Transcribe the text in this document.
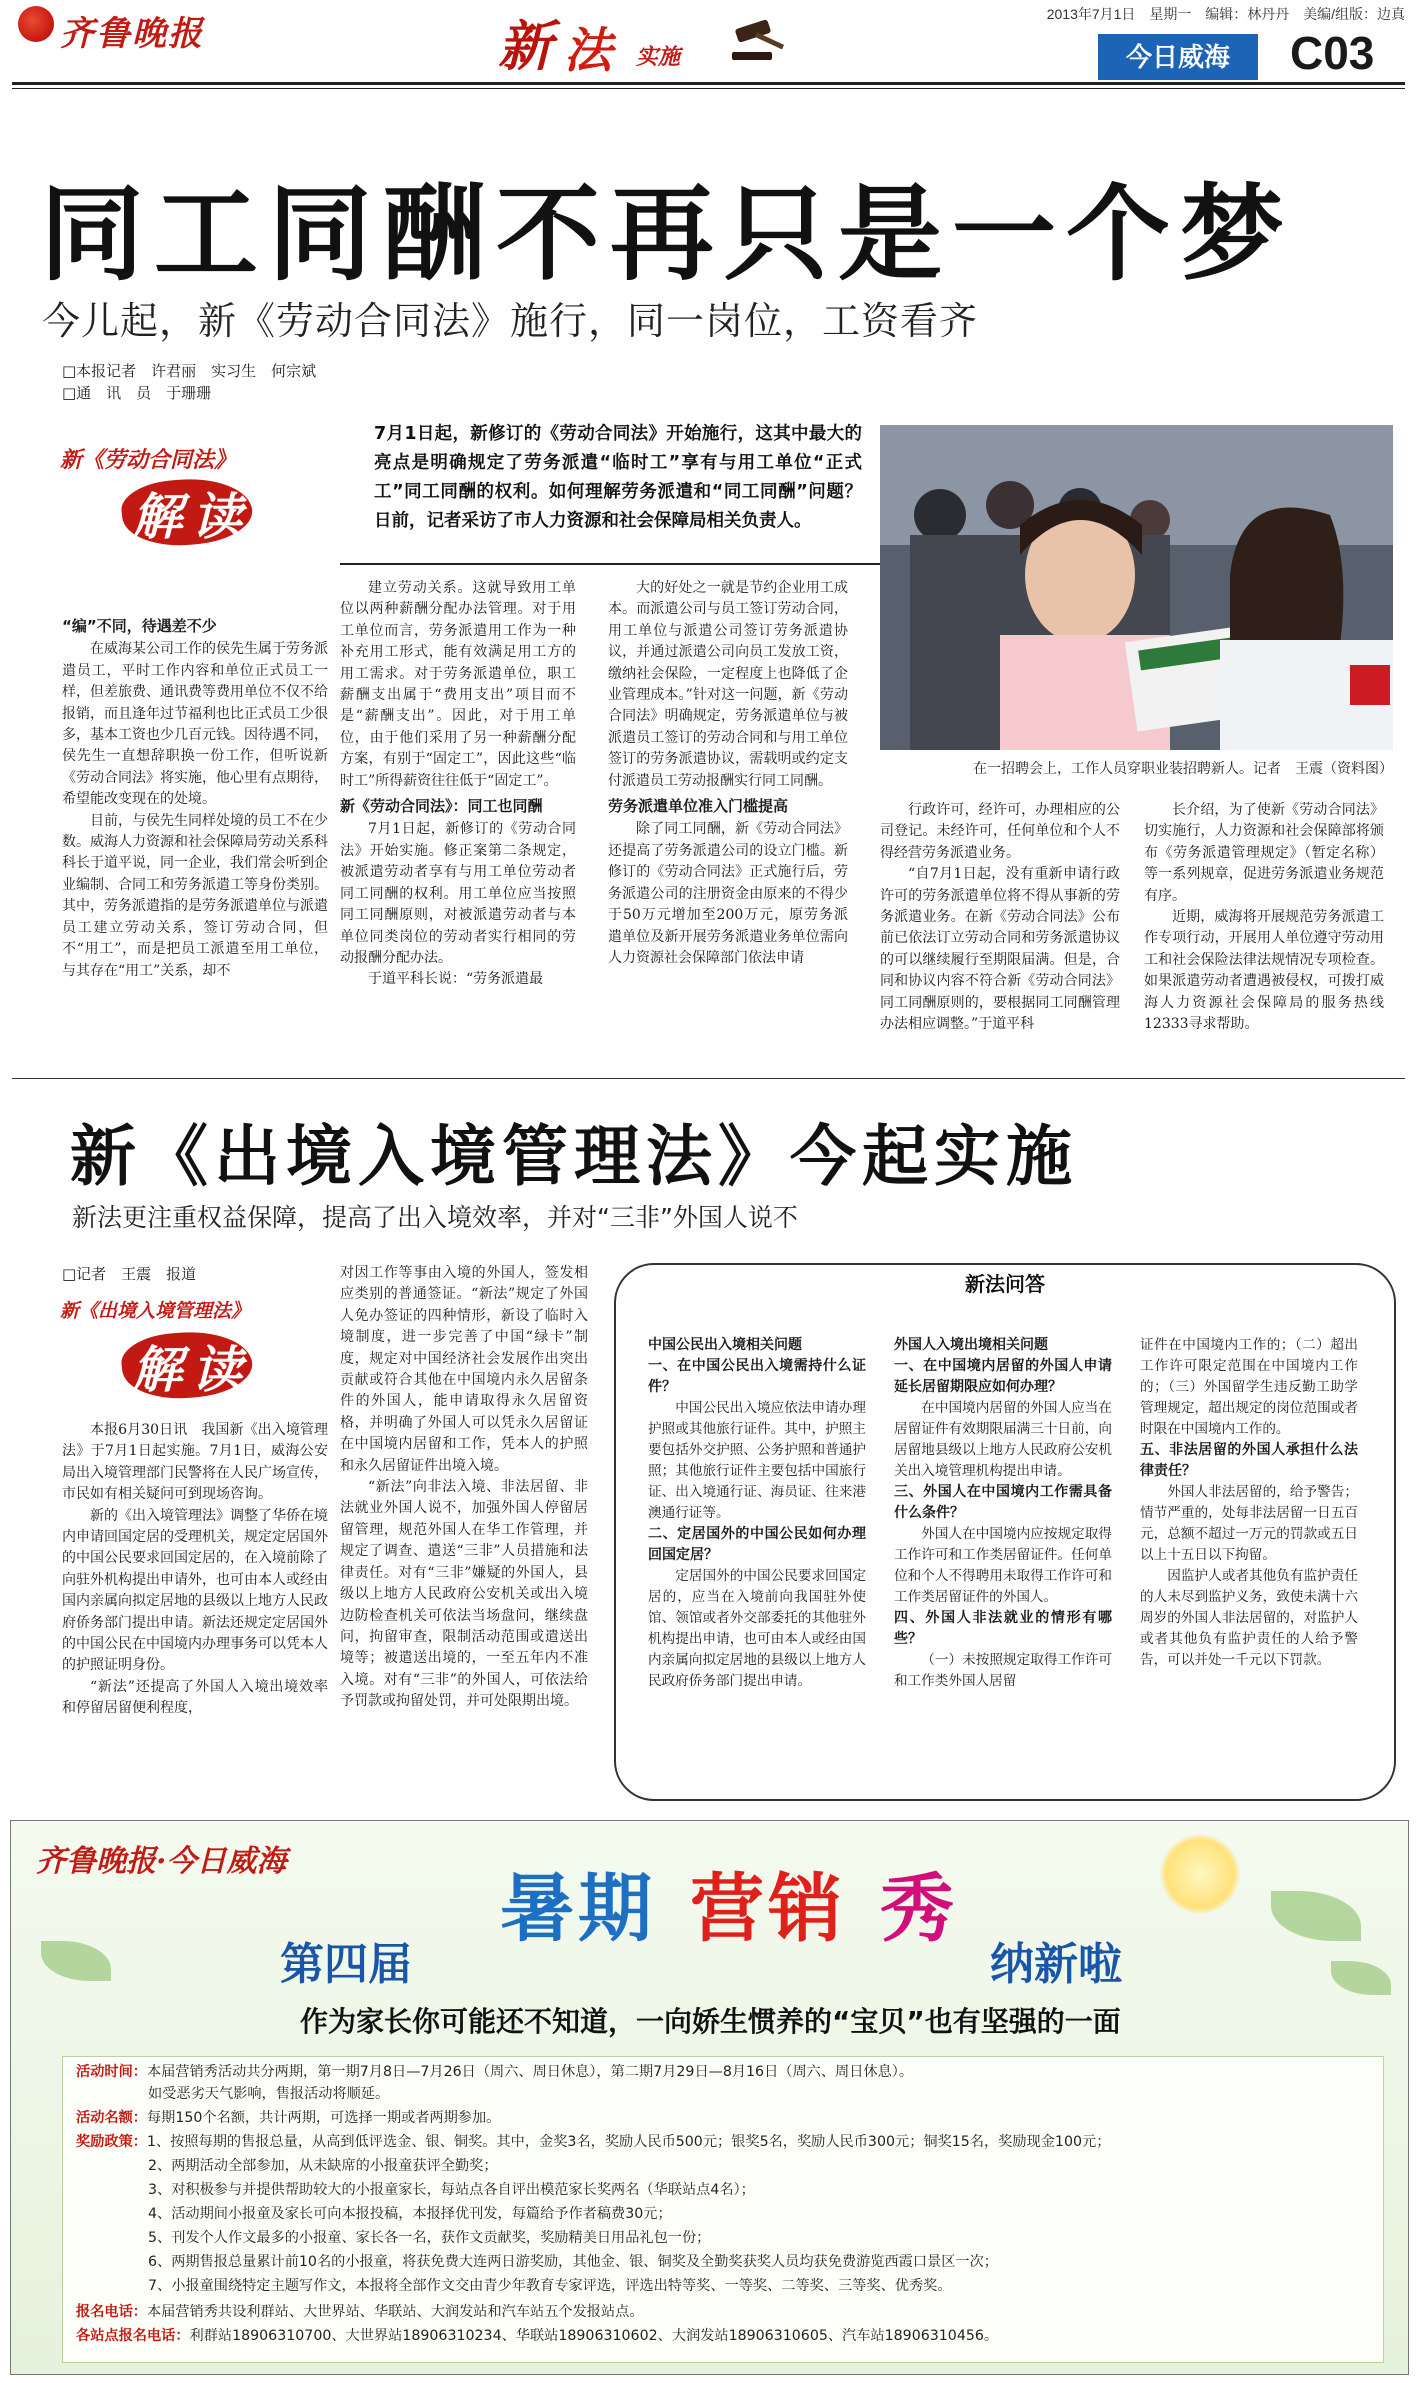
齐鲁晚报	新 法 实施
2013年7月1日 星期一 编辑：林丹丹 美编/组版：边真
今日威海	C03
同工同酬不再只是一个梦
今儿起，新《劳动合同法》施行，同一岗位，工资看齐
□本报记者　许君丽　实习生　何宗斌
□通　讯　员　于珊珊
新《劳动合同法》
解读
7月1日起，新修订的《劳动合同法》开始施行，这其中最大的亮点是明确规定了劳务派遣“临时工”享有与用工单位“正式工”同工同酬的权利。如何理解劳务派遣和“同工同酬”问题？日前，记者采访了市人力资源和社会保障局相关负责人。
在一招聘会上，工作人员穿职业装招聘新人。记者　王震（资料图）
“编”不同，待遇差不少

在威海某公司工作的侯先生属于劳务派遣员工，平时工作内容和单位正式员工一样，但差旅费、通讯费等费用单位不仅不给报销，而且逢年过节福利也比正式员工少很多，基本工资也少几百元钱。因待遇不同，侯先生一直想辞职换一份工作，但听说新《劳动合同法》将实施，他心里有点期待，希望能改变现在的处境。

目前，与侯先生同样处境的员工不在少数。威海人力资源和社会保障局劳动关系科科长于道平说，同一企业，我们常会听到企业编制、合同工和劳务派遣工等身份类别。其中，劳务派遣指的是劳务派遣单位与派遣员工建立劳动关系，签订劳动合同，但不“用工”，而是把员工派遣至用工单位，与其存在“用工”关系，却不

建立劳动关系。这就导致用工单位以两种薪酬分配办法管理。对于用工单位而言，劳务派遣用工作为一种补充用工形式，能有效满足用工方的用工需求。对于劳务派遣单位，职工薪酬支出属于“费用支出”项目而不是“薪酬支出”。因此，对于用工单位，由于他们采用了另一种薪酬分配方案，有别于“固定工”，因此这些“临时工”所得薪资往往低于“固定工”。

新《劳动合同法》：同工也同酬

7月1日起，新修订的《劳动合同法》开始实施。修正案第二条规定，被派遣劳动者享有与用工单位劳动者同工同酬的权利。用工单位应当按照同工同酬原则，对被派遣劳动者与本单位同类岗位的劳动者实行相同的劳动报酬分配办法。

于道平科长说：“劳务派遣最

大的好处之一就是节约企业用工成本。而派遣公司与员工签订劳动合同，用工单位与派遣公司签订劳务派遣协议，并通过派遣公司向员工发放工资，缴纳社会保险，一定程度上也降低了企业管理成本。”针对这一问题，新《劳动合同法》明确规定，劳务派遣单位与被派遣员工签订的劳动合同和与用工单位签订的劳务派遣协议，需载明或约定支付派遣员工劳动报酬实行同工同酬。

劳务派遣单位准入门槛提高

除了同工同酬，新《劳动合同法》还提高了劳务派遣公司的设立门槛。新修订的《劳动合同法》正式施行后，劳务派遣公司的注册资金由原来的不得少于50万元增加至200万元，原劳务派遣单位及新开展劳务派遣业务单位需向人力资源社会保障部门依法申请

行政许可，经许可，办理相应的公司登记。未经许可，任何单位和个人不得经营劳务派遣业务。

“自7月1日起，没有重新申请行政许可的劳务派遣单位将不得从事新的劳务派遣业务。在新《劳动合同法》公布前已依法订立劳动合同和劳务派遣协议的可以继续履行至期限届满。但是，合同和协议内容不符合新《劳动合同法》同工同酬原则的，要根据同工同酬管理办法相应调整。”于道平科

长介绍，为了使新《劳动合同法》切实施行，人力资源和社会保障部将颁布《劳务派遣管理规定》（暂定名称）等一系列规章，促进劳务派遣业务规范有序。

近期，威海将开展规范劳务派遣工作专项行动，开展用人单位遵守劳动用工和社会保险法律法规情况专项检查。如果派遣劳动者遭遇被侵权，可拨打威海人力资源社会保障局的服务热线12333寻求帮助。

新《出境入境管理法》今起实施
新法更注重权益保障，提高了出入境效率，并对“三非”外国人说不
□记者　王震　报道
新《出境入境管理法》
解读

本报6月30日讯　我国新《出入境管理法》于7月1日起实施。7月1日，威海公安局出入境管理部门民警将在人民广场宣传，市民如有相关疑问可到现场咨询。

新的《出入境管理法》调整了华侨在境内申请回国定居的受理机关，规定定居国外的中国公民要求回国定居的，在入境前除了向驻外机构提出申请外，也可由本人或经由国内亲属向拟定居地的县级以上地方人民政府侨务部门提出申请。新法还规定定居国外的中国公民在中国境内办理事务可以凭本人的护照证明身份。

“新法”还提高了外国人入境出境效率和停留居留便利程度，

对因工作等事由入境的外国人，签发相应类别的普通签证。“新法”规定了外国人免办签证的四种情形，新设了临时入境制度，进一步完善了中国“绿卡”制度，规定对中国经济社会发展作出突出贡献或符合其他在中国境内永久居留条件的外国人，能申请取得永久居留资格，并明确了外国人可以凭永久居留证在中国境内居留和工作，凭本人的护照和永久居留证件出境入境。

“新法”向非法入境、非法居留、非法就业外国人说不，加强外国人停留居留管理，规范外国人在华工作管理，并规定了调查、遣送“三非”人员措施和法律责任。对有“三非”嫌疑的外国人，县级以上地方人民政府公安机关或出入境边防检查机关可依法当场盘问，继续盘问，拘留审查，限制活动范围或遣送出境等；被遣送出境的，一至五年内不准入境。对有“三非”的外国人，可依法给予罚款或拘留处罚，并可处限期出境。

新法问答
中国公民出入境相关问题
一、在中国公民出入境需持什么证件？

中国公民出入境应依法申请办理护照或其他旅行证件。其中，护照主要包括外交护照、公务护照和普通护照；其他旅行证件主要包括中国旅行证、出入境通行证、海员证、往来港澳通行证等。

二、定居国外的中国公民如何办理回国定居？

定居国外的中国公民要求回国定居的，应当在入境前向我国驻外使馆、领馆或者外交部委托的其他驻外机构提出申请，也可由本人或经由国内亲属向拟定居地的县级以上地方人民政府侨务部门提出申请。

外国人入境出境相关问题
一、在中国境内居留的外国人申请延长居留期限应如何办理？

在中国境内居留的外国人应当在居留证件有效期限届满三十日前，向居留地县级以上地方人民政府公安机关出入境管理机构提出申请。

三、外国人在中国境内工作需具备什么条件？

外国人在中国境内应按规定取得工作许可和工作类居留证件。任何单位和个人不得聘用未取得工作许可和工作类居留证件的外国人。

四、外国人非法就业的情形有哪些？

（一）未按照规定取得工作许可和工作类外国人居留

证件在中国境内工作的；（二）超出工作许可限定范围在中国境内工作的；（三）外国留学生违反勤工助学管理规定，超出规定的岗位范围或者时限在中国境内工作的。

五、非法居留的外国人承担什么法律责任？

外国人非法居留的，给予警告；情节严重的，处每非法居留一日五百元，总额不超过一万元的罚款或五日以上十五日以下拘留。

因监护人或者其他负有监护责任的人未尽到监护义务，致使未满十六周岁的外国人非法居留的，对监护人或者其他负有监护责任的人给予警告，可以并处一千元以下罚款。

齐鲁晚报·今日威海
暑期 营销 秀
第四届	纳新啦
作为家长你可能还不知道，一向娇生惯养的“宝贝”也有坚强的一面
活动时间：本届营销秀活动共分两期，第一期7月8日—7月26日（周六、周日休息），第二期7月29日—8月16日（周六、周日休息）。
如受恶劣天气影响，售报活动将顺延。
活动名额：每期150个名额，共计两期，可选择一期或者两期参加。
奖励政策：1、按照每期的售报总量，从高到低评选金、银、铜奖。其中，金奖3名，奖励人民币500元；银奖5名，奖励人民币300元；铜奖15名，奖励现金100元；
2、两期活动全部参加，从未缺席的小报童获评全勤奖；
3、对积极参与并提供帮助较大的小报童家长，每站点各自评出模范家长奖两名（华联站点4名）；
4、活动期间小报童及家长可向本报投稿，本报择优刊发，每篇给予作者稿费30元；
5、刊发个人作文最多的小报童、家长各一名，获作文贡献奖，奖励精美日用品礼包一份；
6、两期售报总量累计前10名的小报童，将获免费大连两日游奖励，其他金、银、铜奖及全勤奖获奖人员均获免费游览西霞口景区一次；
7、小报童围绕特定主题写作文，本报将全部作文交由青少年教育专家评选，评选出特等奖、一等奖、二等奖、三等奖、优秀奖。
报名电话：本届营销秀共设利群站、大世界站、华联站、大润发站和汽车站五个发报站点。
各站点报名电话：利群站18906310700、大世界站18906310234、华联站18906310602、大润发站18906310605、汽车站18906310456。
